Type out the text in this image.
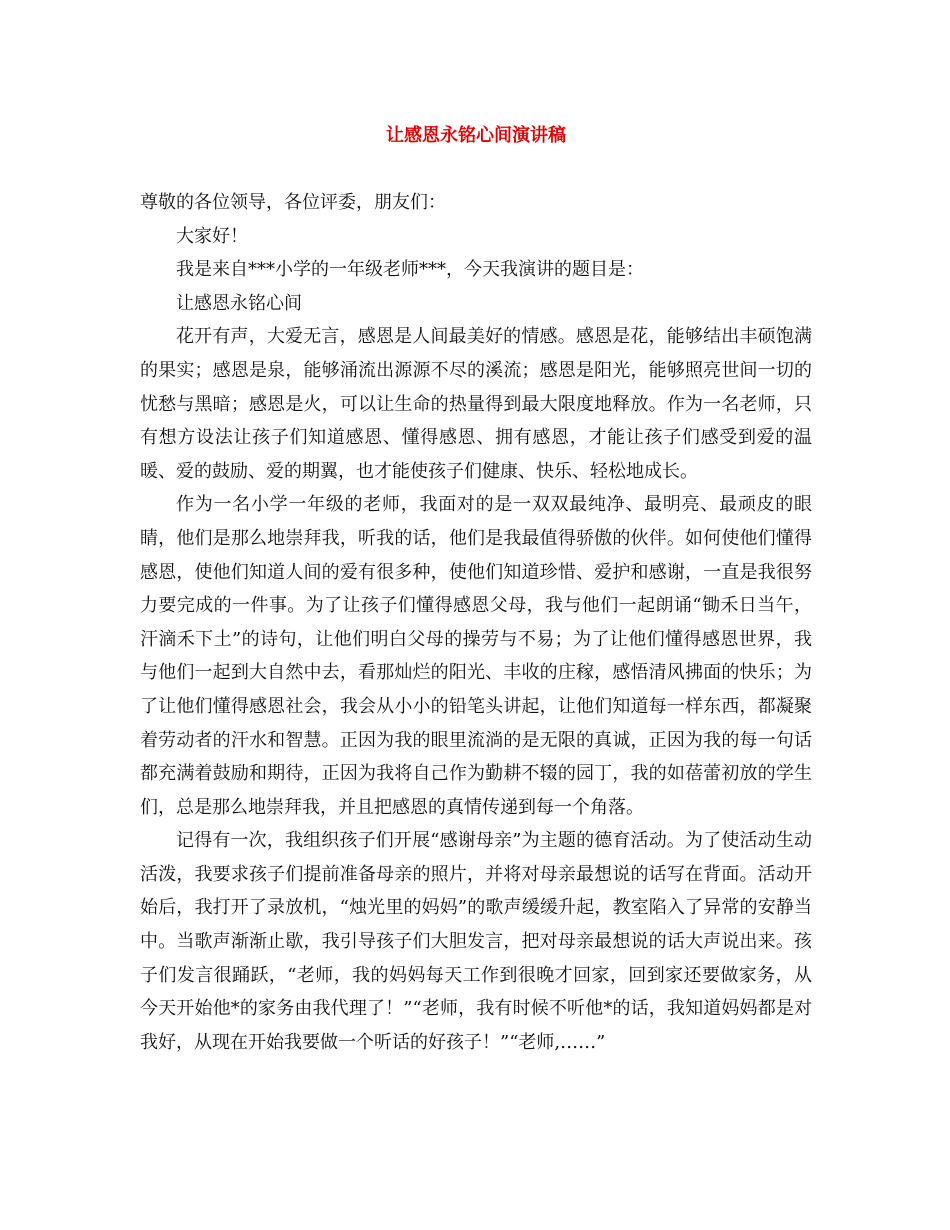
让感恩永铭心间演讲稿

尊敬的各位领导，各位评委，朋友们：

大家好！

我是来自***小学的一年级老师***，今天我演讲的题目是：

让感恩永铭心间

花开有声，大爱无言，感恩是人间最美好的情感。感恩是花，能够结出丰硕饱满的果实；感恩是泉，能够涌流出源源不尽的溪流；感恩是阳光，能够照亮世间一切的忧愁与黑暗；感恩是火，可以让生命的热量得到最大限度地释放。作为一名老师，只有想方设法让孩子们知道感恩、懂得感恩、拥有感恩，才能让孩子们感受到爱的温暖、爱的鼓励、爱的期翼，也才能使孩子们健康、快乐、轻松地成长。

作为一名小学一年级的老师，我面对的是一双双最纯净、最明亮、最顽皮的眼睛，他们是那么地崇拜我，听我的话，他们是我最值得骄傲的伙伴。如何使他们懂得感恩，使他们知道人间的爱有很多种，使他们知道珍惜、爱护和感谢，一直是我很努力要完成的一件事。为了让孩子们懂得感恩父母，我与他们一起朗诵“锄禾日当午，汗滴禾下土”的诗句，让他们明白父母的操劳与不易；为了让他们懂得感恩世界，我与他们一起到大自然中去，看那灿烂的阳光、丰收的庄稼，感悟清风拂面的快乐；为了让他们懂得感恩社会，我会从小小的铅笔头讲起，让他们知道每一样东西，都凝聚着劳动者的汗水和智慧。正因为我的眼里流淌的是无限的真诚，正因为我的每一句话都充满着鼓励和期待，正因为我将自己作为勤耕不辍的园丁，我的如蓓蕾初放的学生们，总是那么地崇拜我，并且把感恩的真情传递到每一个角落。

记得有一次，我组织孩子们开展“感谢母亲”为主题的德育活动。为了使活动生动活泼，我要求孩子们提前准备母亲的照片，并将对母亲最想说的话写在背面。活动开始后，我打开了录放机，“烛光里的妈妈”的歌声缓缓升起，教室陷入了异常的安静当中。当歌声渐渐止歇，我引导孩子们大胆发言，把对母亲最想说的话大声说出来。孩子们发言很踊跃，“老师，我的妈妈每天工作到很晚才回家，回到家还要做家务，从今天开始他*的家务由我代理了！”“老师，我有时候不听他*的话，我知道妈妈都是对我好，从现在开始我要做一个听话的好孩子！”“老师,……”
